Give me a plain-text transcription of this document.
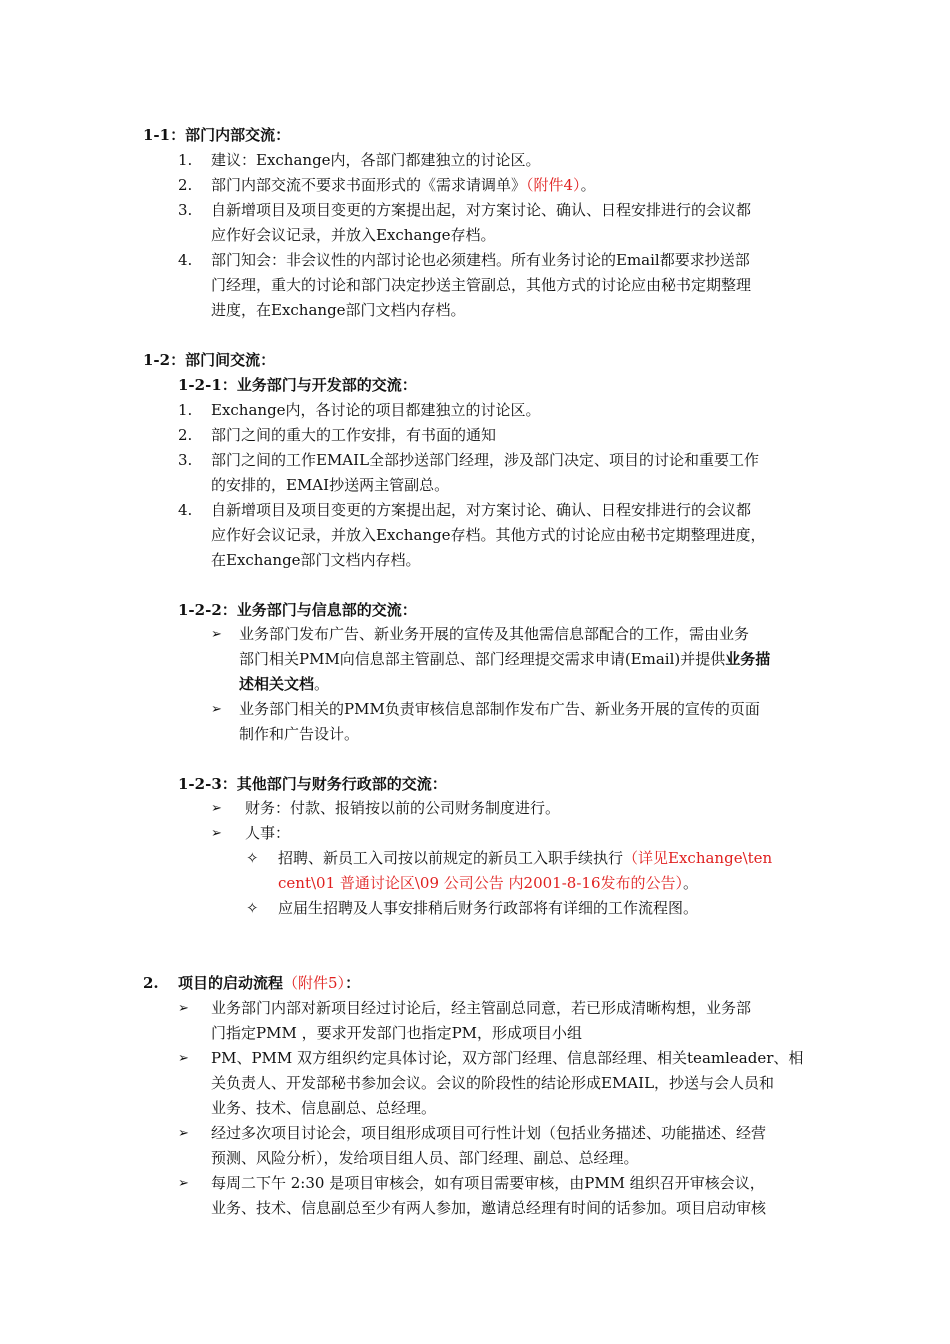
1-1：部门内部交流：
1. 建议：Exchange内，各部门都建独立的讨论区。
2. 部门内部交流不要求书面形式的《需求请调单》（附件4）。
3. 自新增项目及项目变更的方案提出起，对方案讨论、确认、日程安排进行的会议都
应作好会议记录，并放入Exchange存档。
4. 部门知会：非会议性的内部讨论也必须建档。所有业务讨论的Email都要求抄送部
门经理，重大的讨论和部门决定抄送主管副总，其他方式的讨论应由秘书定期整理
进度，在Exchange部门文档内存档。
1-2：部门间交流：
1-2-1：业务部门与开发部的交流：
1. Exchange内，各讨论的项目都建独立的讨论区。
2. 部门之间的重大的工作安排，有书面的通知
3. 部门之间的工作EMAIL全部抄送部门经理，涉及部门决定、项目的讨论和重要工作
的安排的，EMAI抄送两主管副总。
4. 自新增项目及项目变更的方案提出起，对方案讨论、确认、日程安排进行的会议都
应作好会议记录，并放入Exchange存档。其他方式的讨论应由秘书定期整理进度，
在Exchange部门文档内存档。
1-2-2：业务部门与信息部的交流：
➢ 业务部门发布广告、新业务开展的宣传及其他需信息部配合的工作，需由业务
部门相关PMM向信息部主管副总、部门经理提交需求申请(Email)并提供业务描
述相关文档。
➢ 业务部门相关的PMM负责审核信息部制作发布广告、新业务开展的宣传的页面
制作和广告设计。
1-2-3：其他部门与财务行政部的交流：
➢ 财务：付款、报销按以前的公司财务制度进行。
➢ 人事：
✧ 招聘、新员工入司按以前规定的新员工入职手续执行（详见Exchange\ten
cent\01 普通讨论区\09 公司公告 内2001-8-16发布的公告）。
✧ 应届生招聘及人事安排稍后财务行政部将有详细的工作流程图。
2. 项目的启动流程（附件5）：
➢ 业务部门内部对新项目经过讨论后，经主管副总同意，若已形成清晰构想，业务部
门指定PMM ，要求开发部门也指定PM，形成项目小组
➢ PM、PMM 双方组织约定具体讨论，双方部门经理、信息部经理、相关teamleader、相
关负责人、开发部秘书参加会议。会议的阶段性的结论形成EMAIL，抄送与会人员和
业务、技术、信息副总、总经理。
➢ 经过多次项目讨论会，项目组形成项目可行性计划（包括业务描述、功能描述、经营
预测、风险分析），发给项目组人员、部门经理、副总、总经理。
➢ 每周二下午 2:30 是项目审核会，如有项目需要审核，由PMM 组织召开审核会议，
业务、技术、信息副总至少有两人参加，邀请总经理有时间的话参加。项目启动审核
